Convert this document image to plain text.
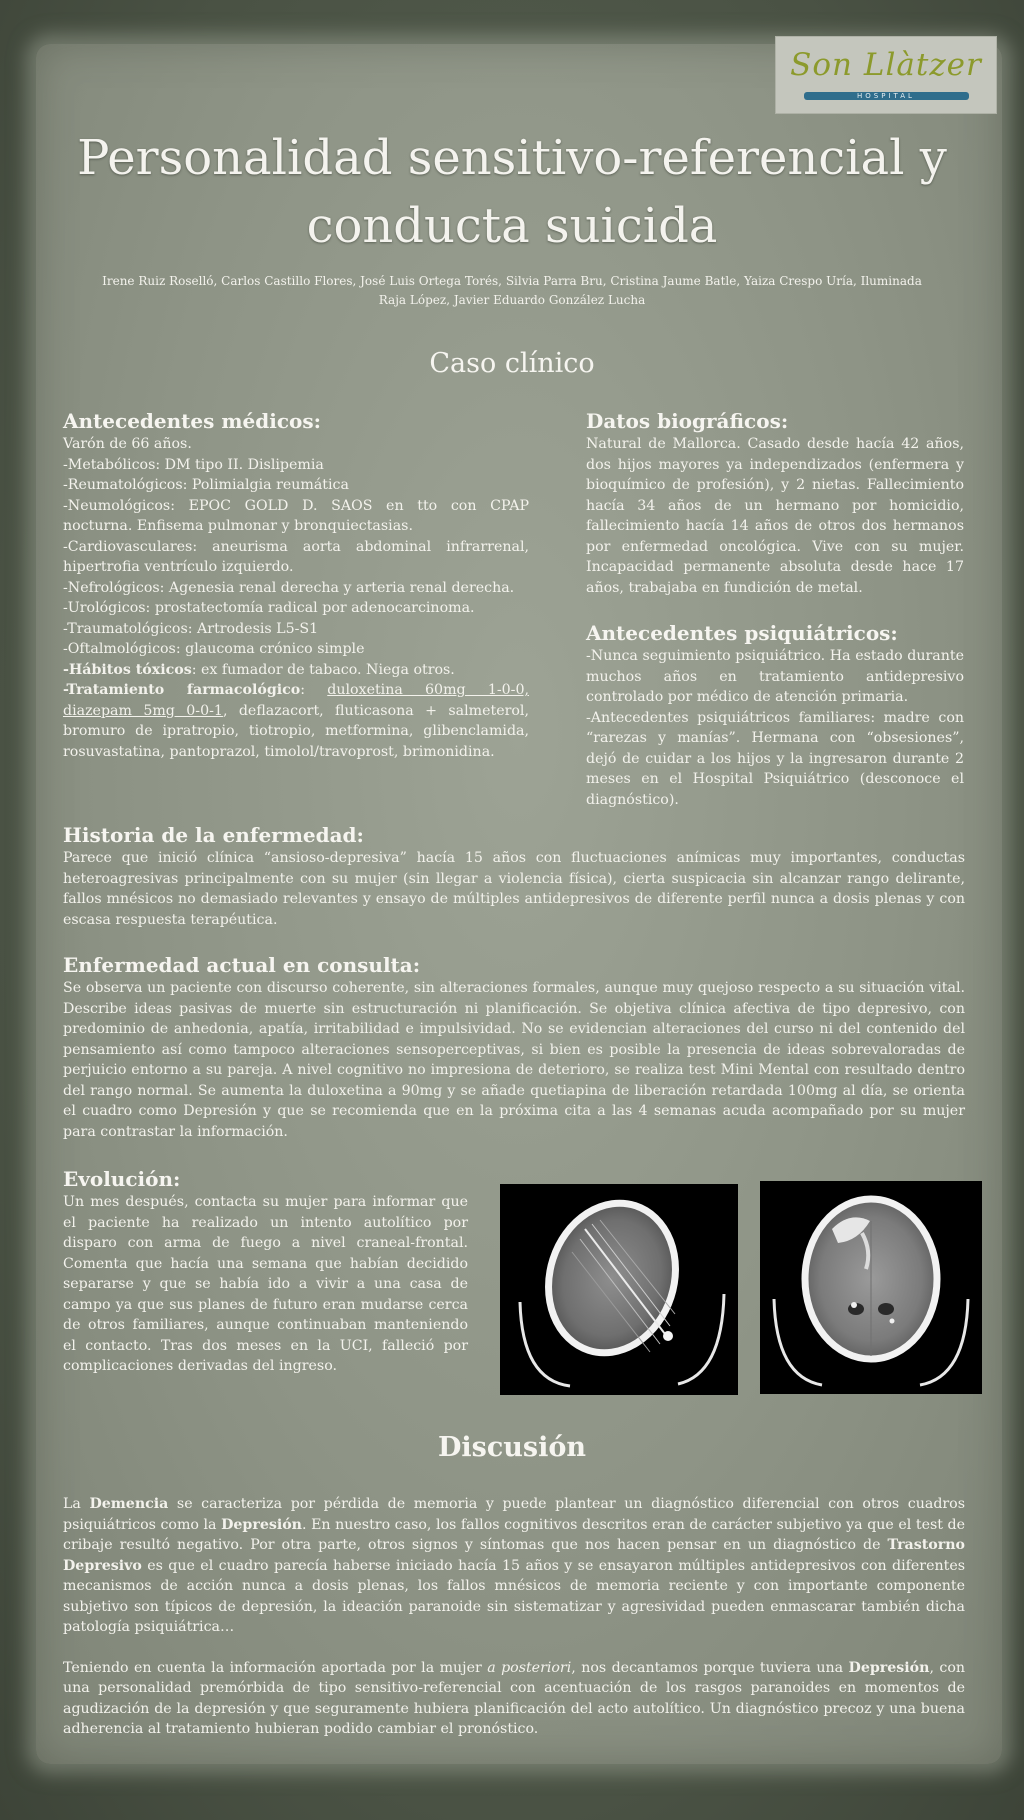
Son Llàtzer
HOSPITAL
Personalidad sensitivo-referencial y conducta suicida
Irene Ruiz Roselló, Carlos Castillo Flores, José Luis Ortega Torés, Silvia Parra Bru, Cristina Jaume Batle, Yaiza Crespo Uría, Iluminada Raja López, Javier Eduardo González Lucha
Caso clínico
Antecedentes médicos:

Varón de 66 años.

-Metabólicos: DM tipo II. Dislipemia

-Reumatológicos: Polimialgia reumática

-Neumológicos: EPOC GOLD D. SAOS en tto con CPAP nocturna. Enfisema pulmonar y bronquiectasias.

-Cardiovasculares: aneurisma aorta abdominal infrarrenal, hipertrofia ventrículo izquierdo.

-Nefrológicos: Agenesia renal derecha y arteria renal derecha.

-Urológicos: prostatectomía radical por adenocarcinoma.

-Traumatológicos: Artrodesis L5-S1

-Oftalmológicos: glaucoma crónico simple

-Hábitos tóxicos: ex fumador de tabaco. Niega otros.

-Tratamiento farmacológico: duloxetina 60mg 1-0-0, diazepam 5mg 0-0-1, deflazacort, fluticasona + salmeterol, bromuro de ipratropio, tiotropio, metformina, glibenclamida, rosuvastatina, pantoprazol, timolol/travoprost, brimonidina.

Datos biográficos:

Natural de Mallorca. Casado desde hacía 42 años, dos hijos mayores ya independizados (enfermera y bioquímico de profesión), y 2 nietas. Fallecimiento hacía 34 años de un hermano por homicidio, fallecimiento hacía 14 años de otros dos hermanos por enfermedad oncológica. Vive con su mujer. Incapacidad permanente absoluta desde hace 17 años, trabajaba en fundición de metal.

Antecedentes psiquiátricos:

-Nunca seguimiento psiquiátrico. Ha estado durante muchos años en tratamiento antidepresivo controlado por médico de atención primaria.

-Antecedentes psiquiátricos familiares: madre con “rarezas y manías”. Hermana con “obsesiones”, dejó de cuidar a los hijos y la ingresaron durante 2 meses en el Hospital Psiquiátrico (desconoce el diagnóstico).

Historia de la enfermedad:

Parece que inició clínica “ansioso-depresiva” hacía 15 años con fluctuaciones anímicas muy importantes, conductas heteroagresivas principalmente con su mujer (sin llegar a violencia física), cierta suspicacia sin alcanzar rango delirante, fallos mnésicos no demasiado relevantes y ensayo de múltiples antidepresivos de diferente perfil nunca a dosis plenas y con escasa respuesta terapéutica.

Enfermedad actual en consulta:

Se observa un paciente con discurso coherente, sin alteraciones formales, aunque muy quejoso respecto a su situación vital. Describe ideas pasivas de muerte sin estructuración ni planificación. Se objetiva clínica afectiva de tipo depresivo, con predominio de anhedonia, apatía, irritabilidad e impulsividad. No se evidencian alteraciones del curso ni del contenido del pensamiento así como tampoco alteraciones sensoperceptivas, si bien es posible la presencia de ideas sobrevaloradas de perjuicio entorno a su pareja. A nivel cognitivo no impresiona de deterioro, se realiza test Mini Mental con resultado dentro del rango normal. Se aumenta la duloxetina a 90mg y se añade quetiapina de liberación retardada 100mg al día, se orienta el cuadro como Depresión y que se recomienda que en la próxima cita a las 4 semanas acuda acompañado por su mujer para contrastar la información.

Evolución:

Un mes después, contacta su mujer para informar que el paciente ha realizado un intento autolítico por disparo con arma de fuego a nivel craneal-frontal. Comenta que hacía una semana que habían decidido separarse y que se había ido a vivir a una casa de campo ya que sus planes de futuro eran mudarse cerca de otros familiares, aunque continuaban manteniendo el contacto. Tras dos meses en la UCI, falleció por complicaciones derivadas del ingreso.

Discusión

La Demencia se caracteriza por pérdida de memoria y puede plantear un diagnóstico diferencial con otros cuadros psiquiátricos como la Depresión. En nuestro caso, los fallos cognitivos descritos eran de carácter subjetivo ya que el test de cribaje resultó negativo. Por otra parte, otros signos y síntomas que nos hacen pensar en un diagnóstico de Trastorno Depresivo es que el cuadro parecía haberse iniciado hacía 15 años y se ensayaron múltiples antidepresivos con diferentes mecanismos de acción nunca a dosis plenas, los fallos mnésicos de memoria reciente y con importante componente subjetivo son típicos de depresión, la ideación paranoide sin sistematizar y agresividad pueden enmascarar también dicha patología psiquiátrica…

Teniendo en cuenta la información aportada por la mujer a posteriori, nos decantamos porque tuviera una Depresión, con una personalidad premórbida de tipo sensitivo-referencial con acentuación de los rasgos paranoides en momentos de agudización de la depresión y que seguramente hubiera planificación del acto autolítico. Un diagnóstico precoz y una buena adherencia al tratamiento hubieran podido cambiar el pronóstico.
